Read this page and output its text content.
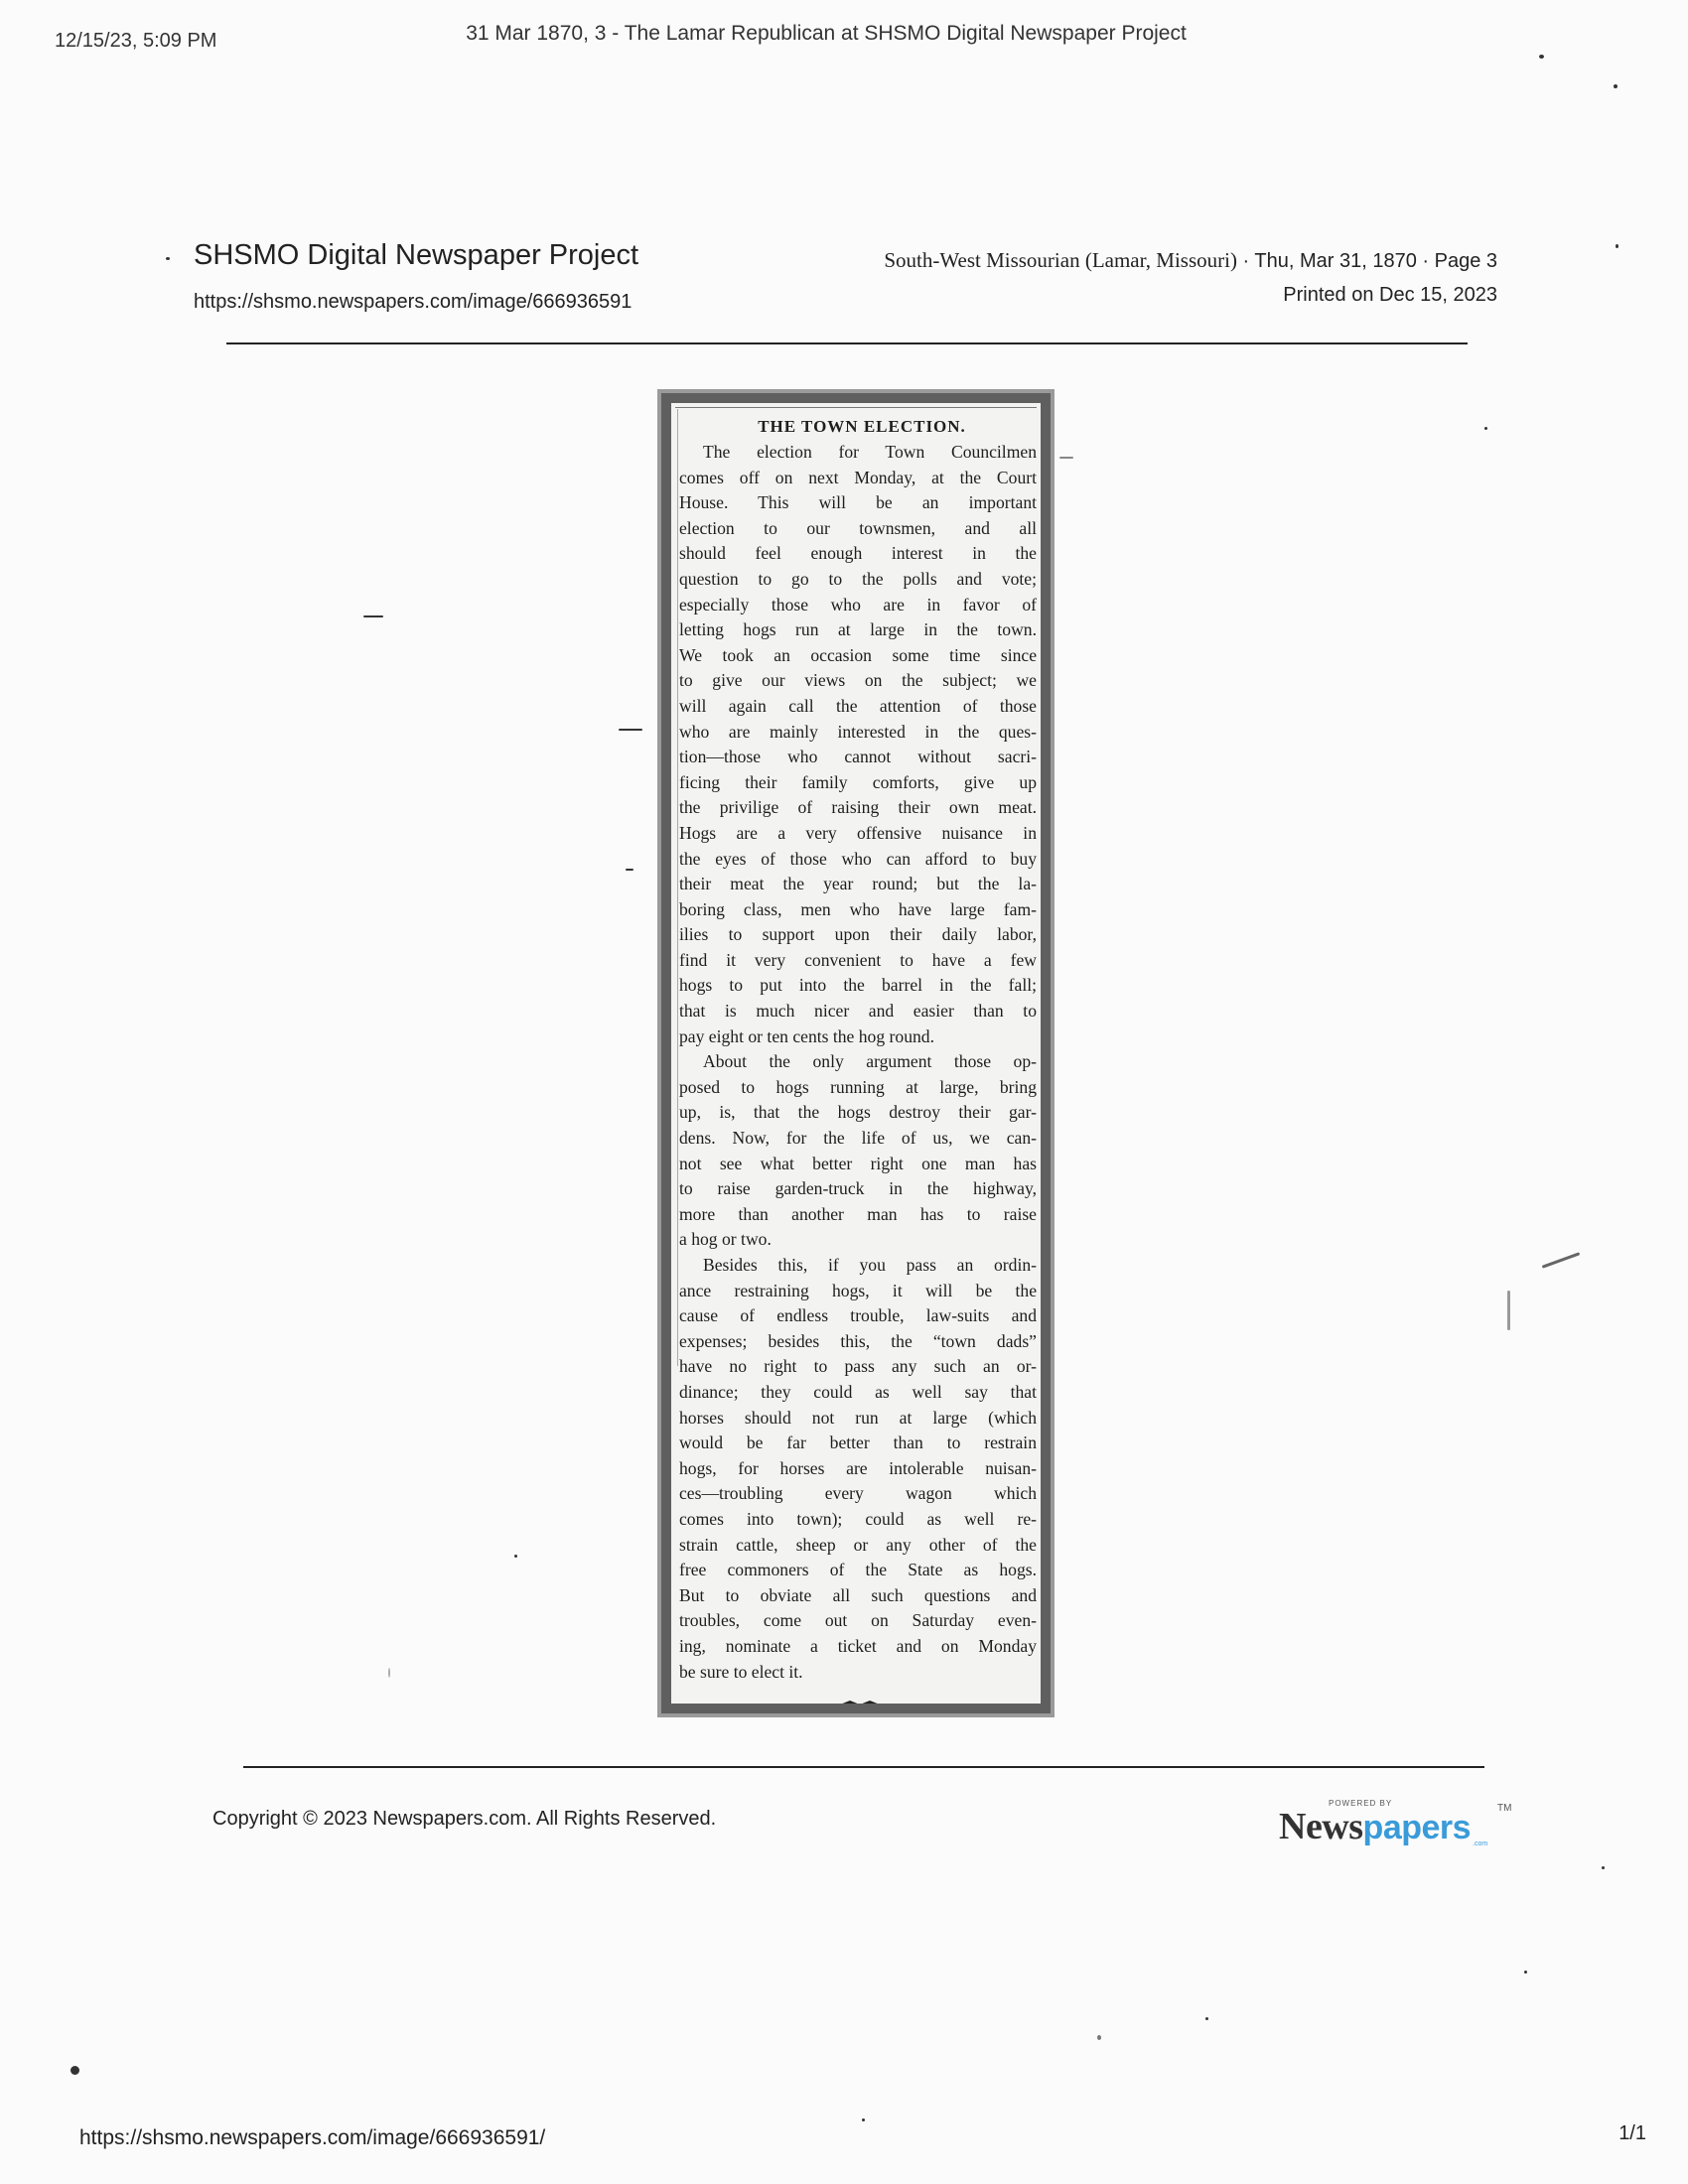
12/15/23, 5:09 PM	31 Mar 1870, 3 - The Lamar Republican at SHSMO Digital Newspaper Project
SHSMO Digital Newspaper Project
https://shsmo.newspapers.com/image/666936591
South-West Missourian (Lamar, Missouri) · Thu, Mar 31, 1870 · Page 3
Printed on Dec 15, 2023
THE TOWN ELECTION.
The election for Town Councilmen
comes off on next Monday, at the Court
House. This will be an important
election to our townsmen, and all
should feel enough interest in the
question to go to the polls and vote;
especially those who are in favor of
letting hogs run at large in the town.
We took an occasion some time since
to give our views on the subject; we
will again call the attention of those
who are mainly interested in the ques-
tion—those who cannot without sacri-
ficing their family comforts, give up
the privilige of raising their own meat.
Hogs are a very offensive nuisance in
the eyes of those who can afford to buy
their meat the year round; but the la-
boring class, men who have large fam-
ilies to support upon their daily labor,
find it very convenient to have a few
hogs to put into the barrel in the fall;
that is much nicer and easier than to
pay eight or ten cents the hog round.
About the only argument those op-
posed to hogs running at large, bring
up, is, that the hogs destroy their gar-
dens. Now, for the life of us, we can-
not see what better right one man has
to raise garden-truck in the highway,
more than another man has to raise
a hog or two.
Besides this, if you pass an ordin-
ance restraining hogs, it will be the
cause of endless trouble, law-suits and
expenses; besides this, the “town dads”
have no right to pass any such an or-
dinance; they could as well say that
horses should not run at large (which
would be far better than to restrain
hogs, for horses are intolerable nuisan-
ces—troubling every wagon which
comes into town); could as well re-
strain cattle, sheep or any other of the
free commoners of the State as hogs.
But to obviate all such questions and
troubles, come out on Saturday even-
ing, nominate a ticket and on Monday
be sure to elect it.
Copyright © 2023 Newspapers.com. All Rights Reserved.
POWERED BY
Newspapers
TM
.com
https://shsmo.newspapers.com/image/666936591/	1/1
